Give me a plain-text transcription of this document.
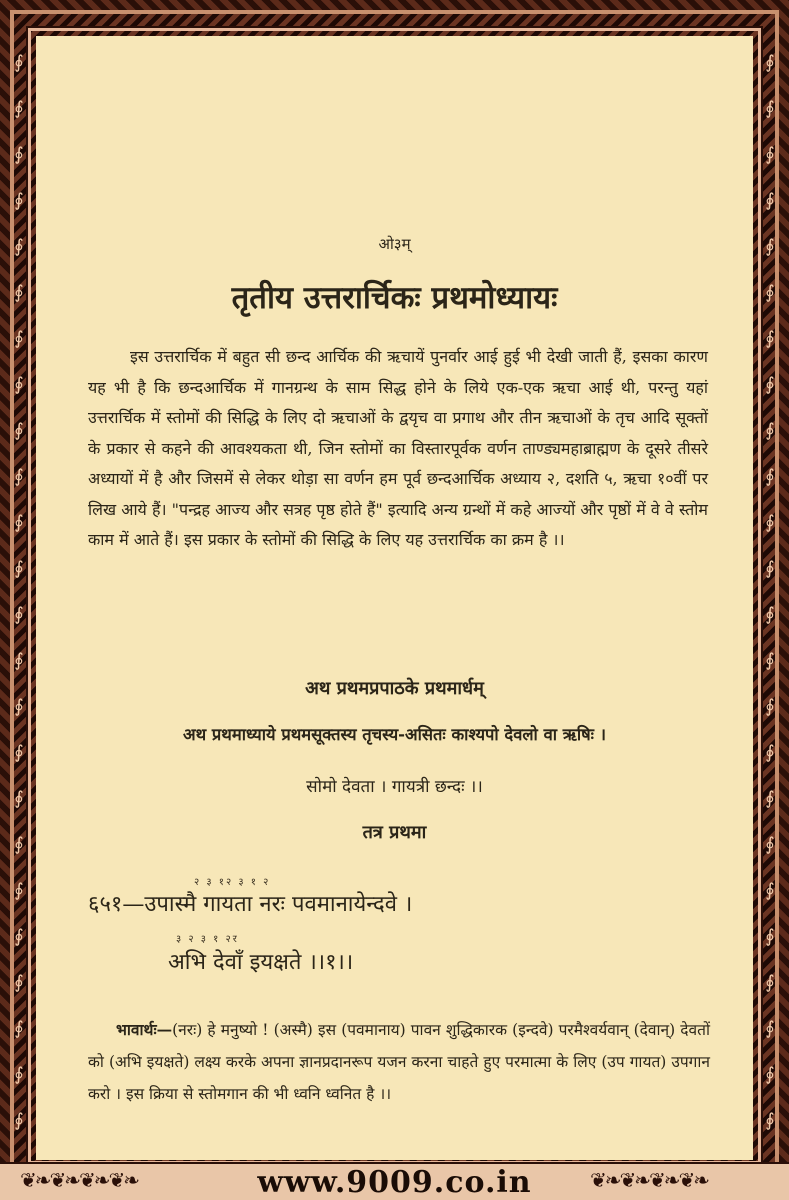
∮
∮
∮
∮
∮
∮
∮
∮
∮
∮
∮
∮
∮
∮
∮
∮
∮
∮
∮
∮
∮
∮
∮
∮
∮
∮
∮
∮
∮
∮
∮
∮
∮
∮
∮
∮
∮
∮
∮
∮
∮
∮
∮
∮
∮
∮
∮
∮
ओ३म्
तृतीय उत्तरार्चिकः प्रथमोध्यायः
इस उत्तरार्चिक में बहुत सी छन्द आर्चिक की ऋचायें पुनर्वार आई हुई भी देखी जाती हैं, इसका कारण यह भी है कि छन्दआर्चिक में गानग्रन्थ के साम सिद्ध होने के लिये एक-एक ऋचा आई थी, परन्तु यहां उत्तरार्चिक में स्तोमों की सिद्धि के लिए दो ऋचाओं के द्वयृच वा प्रगाथ और तीन ऋचाओं के तृच आदि सूक्तों के प्रकार से कहने की आवश्यकता थी, जिन स्तोमों का विस्तारपूर्वक वर्णन ताण्ड्यमहाब्राह्मण के दूसरे तीसरे अध्यायों में है और जिसमें से लेकर थोड़ा सा वर्णन हम पूर्व छन्दआर्चिक अध्याय २, दशति ५, ऋचा १०वीं पर लिख आये हैं। "पन्द्रह आज्य और सत्रह पृष्ठ होते हैं" इत्यादि अन्य ग्रन्थों में कहे आज्यों और पृष्ठों में वे वे स्तोम काम में आते हैं। इस प्रकार के स्तोमों की सिद्धि के लिए यह उत्तरार्चिक का क्रम है ।।
अथ प्रथमप्रपाठके प्रथमार्धम्
अथ प्रथमाध्याये प्रथमसूक्तस्य तृचस्य-असितः काश्यपो देवलो वा ऋषिः ।
सोमो देवता । गायत्री छन्दः ।।
तत्र प्रथमा
२ ३ १२ ३ १ २
६५१—उपास्मै गायता नरः पवमानायेन्दवे ।
३ २ ३ १ २र
अभि देवाँ इयक्षते ।।१।।
भावार्थः—(नरः) हे मनुष्यो ! (अस्मै) इस (पवमानाय) पावन शुद्धिकारक (इन्दवे) परमैश्वर्यवान् (देवान्) देवतों को (अभि इयक्षते) लक्ष्य करके अपना ज्ञानप्रदानरूप यजन करना चाहते हुए परमात्मा के लिए (उप गायत) उपगान करो । इस क्रिया से स्तोमगान की भी ध्वनि ध्वनित है ।।
www.9009.co.in
❦❧❦❧❦❧❦❧	❦❧❦❧❦❧❦❧
